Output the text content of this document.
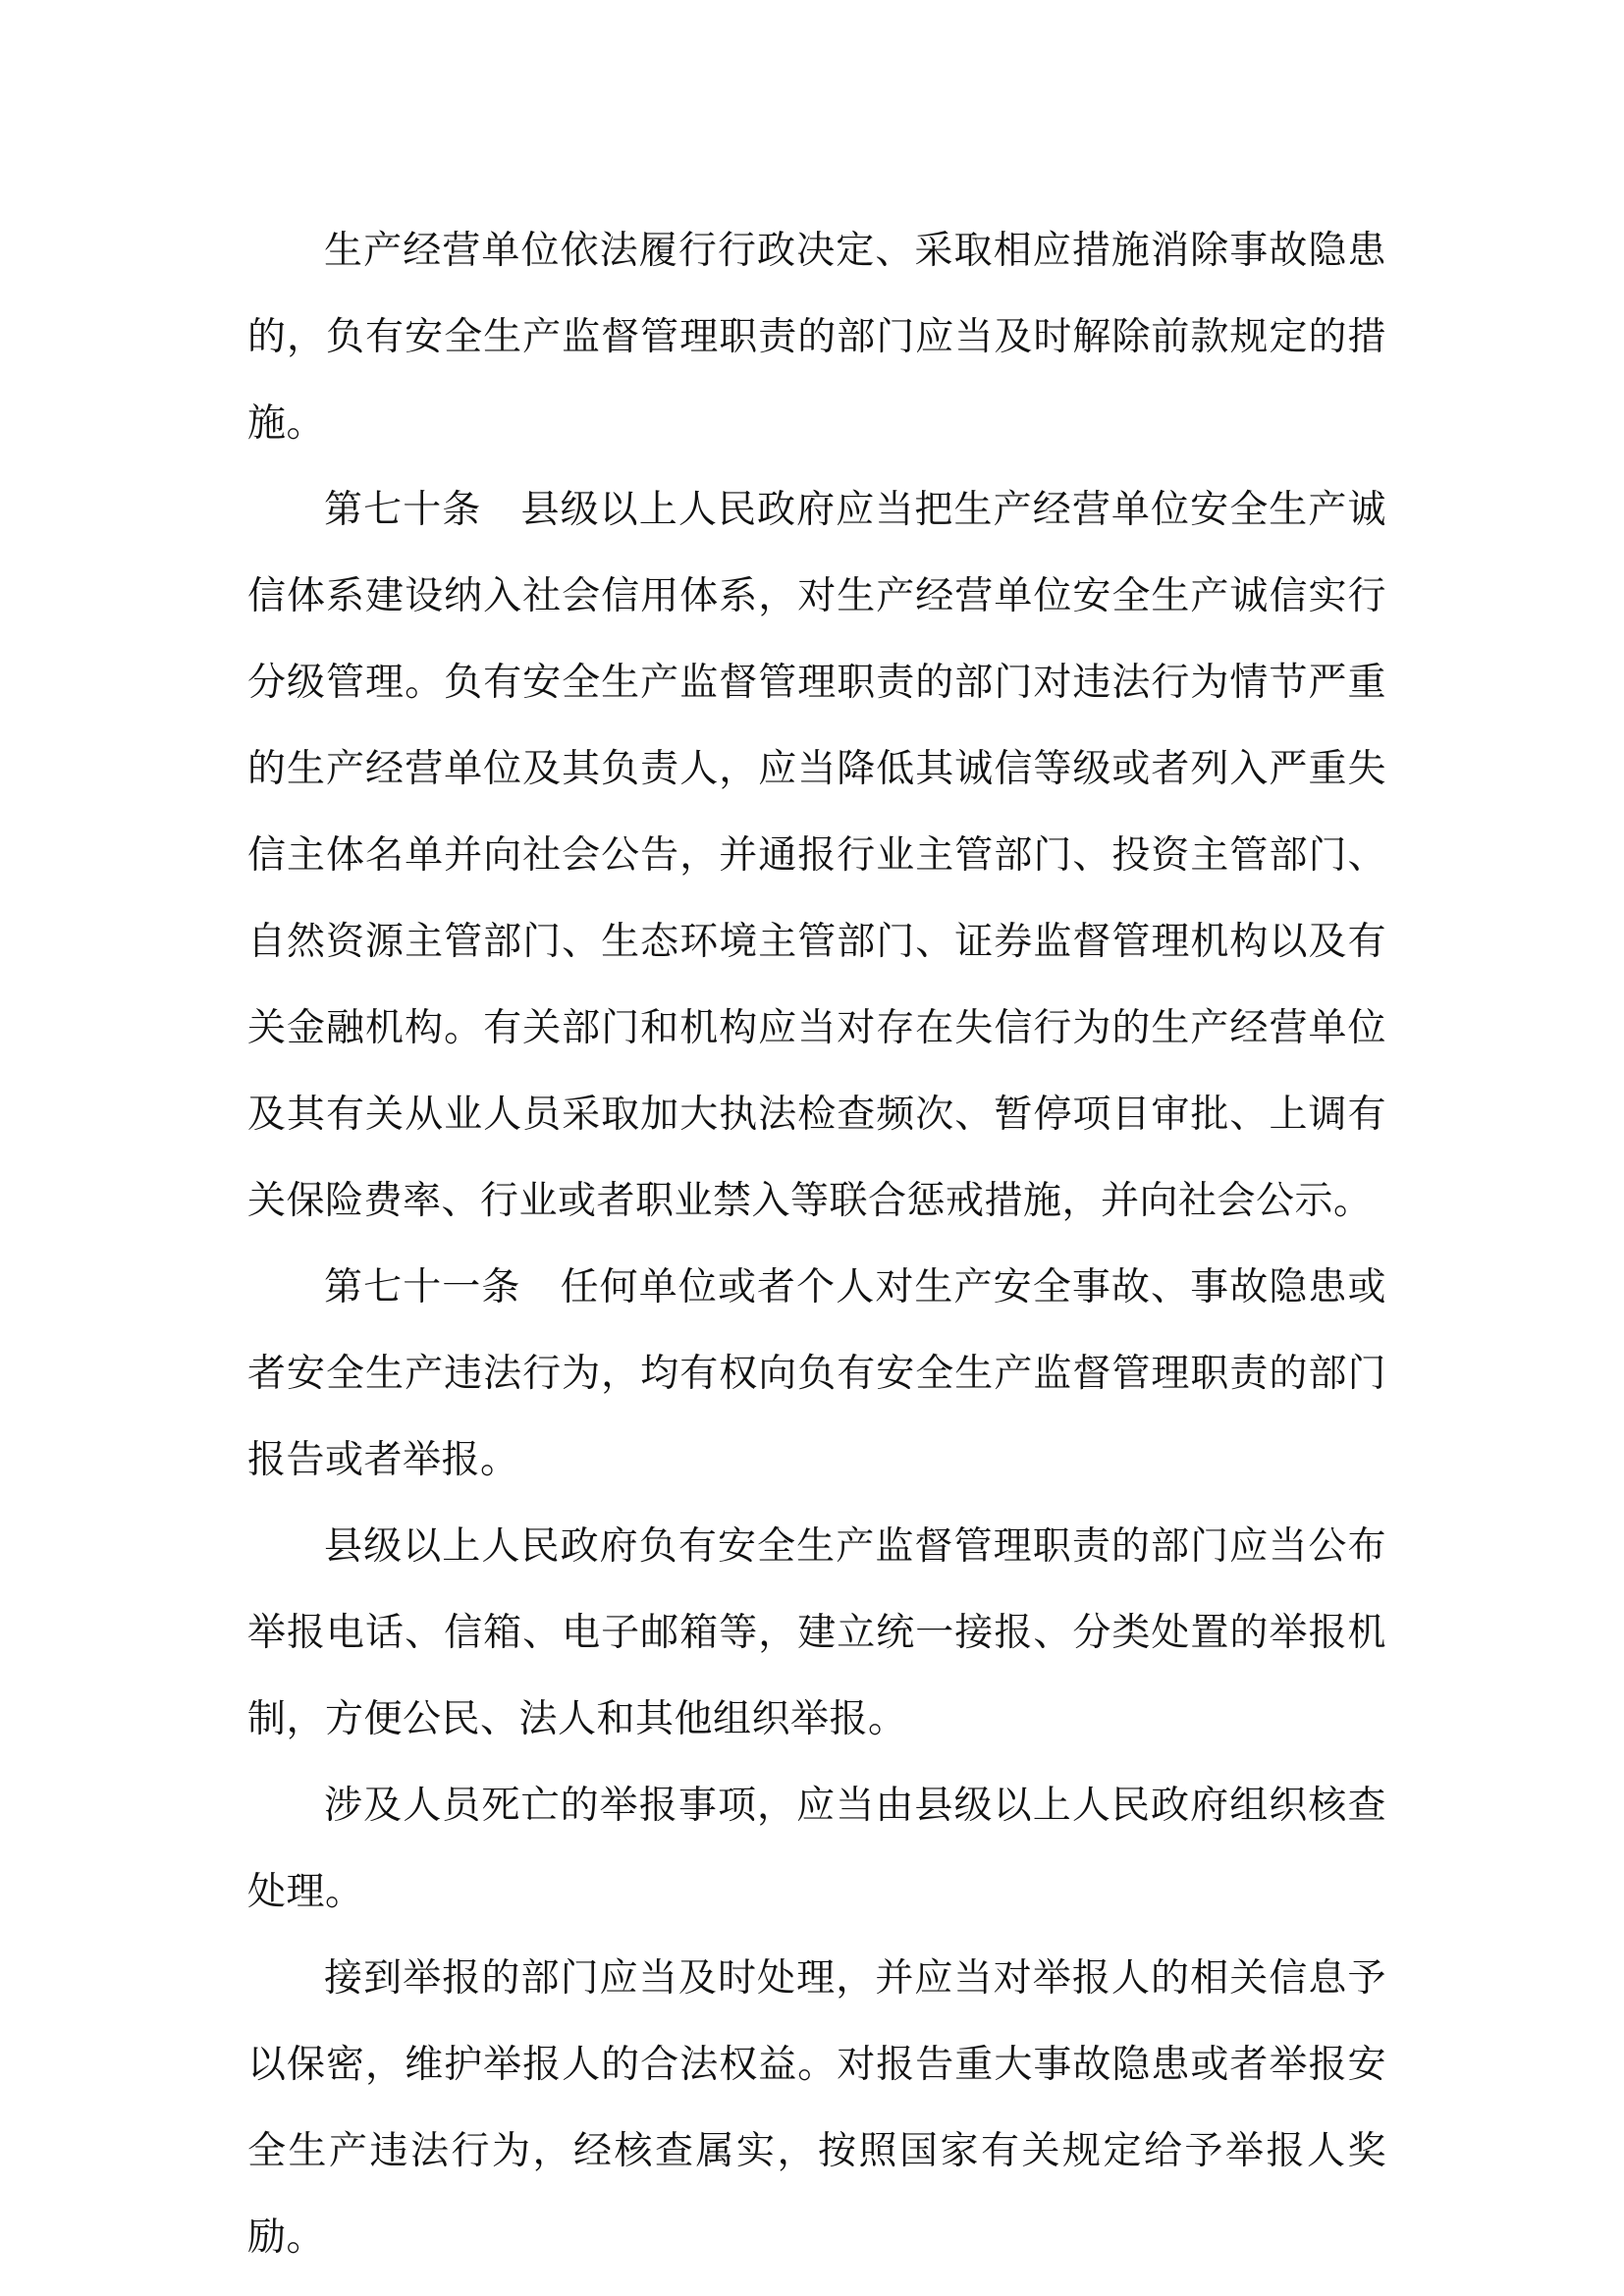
生产经营单位依法履行行政决定、采取相应措施消除事故隐患的，负有安全生产监督管理职责的部门应当及时解除前款规定的措施。

第七十条　县级以上人民政府应当把生产经营单位安全生产诚信体系建设纳入社会信用体系，对生产经营单位安全生产诚信实行分级管理。负有安全生产监督管理职责的部门对违法行为情节严重的生产经营单位及其负责人，应当降低其诚信等级或者列入严重失信主体名单并向社会公告，并通报行业主管部门、投资主管部门、自然资源主管部门、生态环境主管部门、证券监督管理机构以及有关金融机构。有关部门和机构应当对存在失信行为的生产经营单位及其有关从业人员采取加大执法检查频次、暂停项目审批、上调有关保险费率、行业或者职业禁入等联合惩戒措施，并向社会公示。

第七十一条　任何单位或者个人对生产安全事故、事故隐患或者安全生产违法行为，均有权向负有安全生产监督管理职责的部门报告或者举报。

县级以上人民政府负有安全生产监督管理职责的部门应当公布举报电话、信箱、电子邮箱等，建立统一接报、分类处置的举报机制，方便公民、法人和其他组织举报。

涉及人员死亡的举报事项，应当由县级以上人民政府组织核查处理。

接到举报的部门应当及时处理，并应当对举报人的相关信息予以保密，维护举报人的合法权益。对报告重大事故隐患或者举报安全生产违法行为，经核查属实，按照国家有关规定给予举报人奖励。
